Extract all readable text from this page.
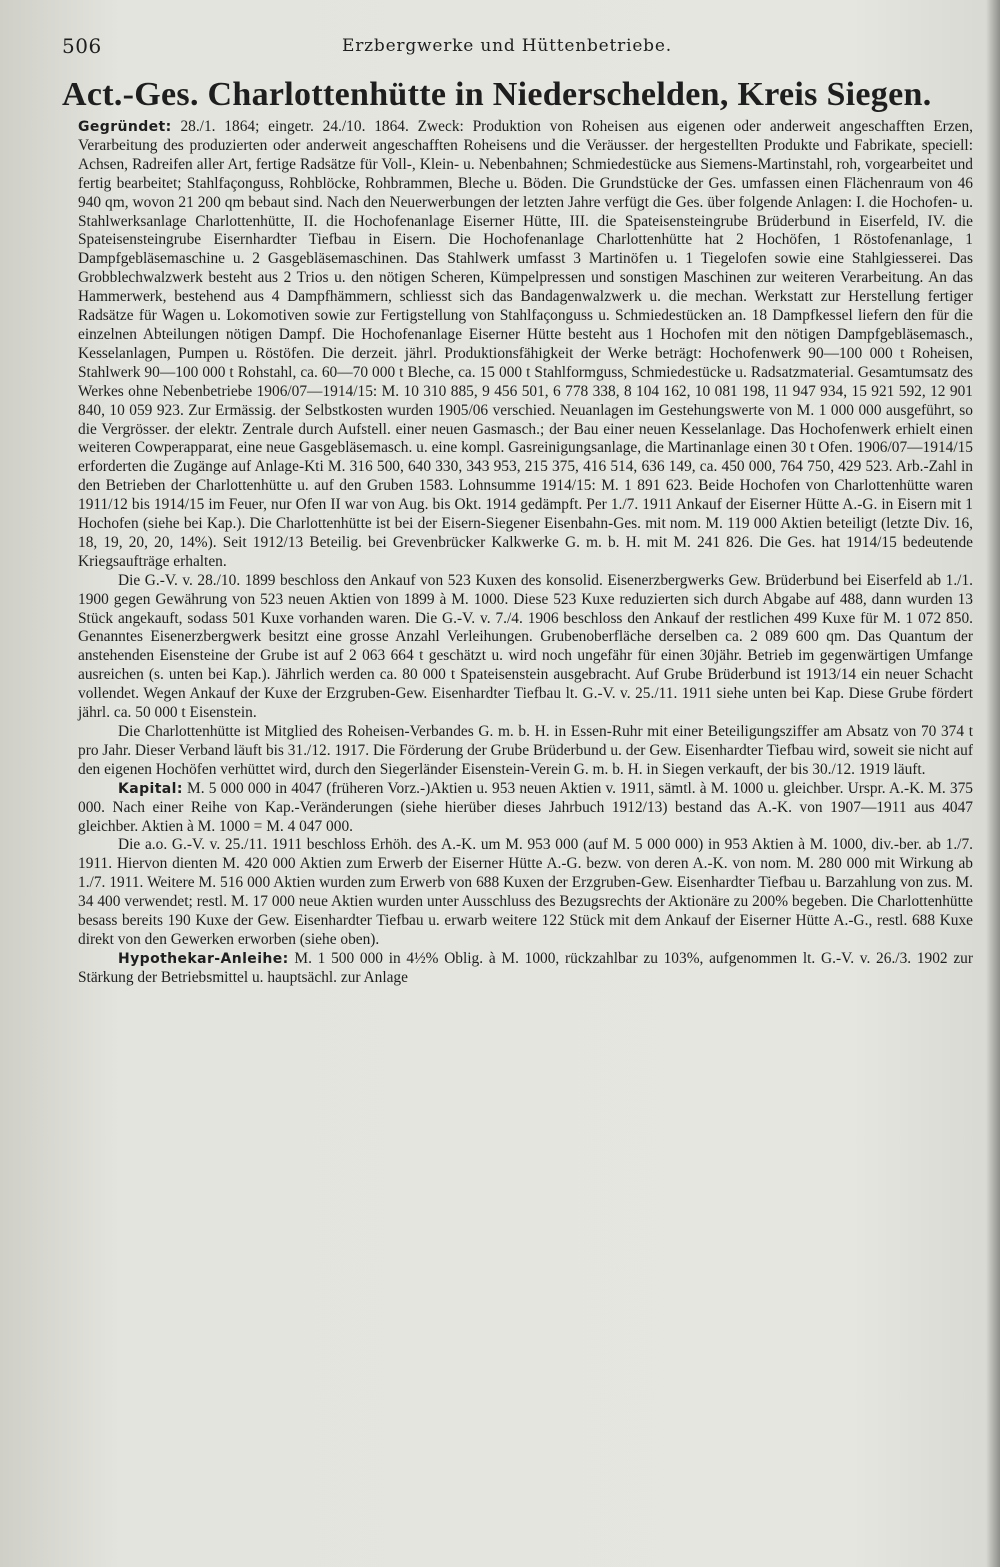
506	Erzbergwerke und Hüttenbetriebe.
Act.-Ges. Charlottenhütte in Niederschelden, Kreis Siegen.

Gegründet: 28./1. 1864; eingetr. 24./10. 1864. Zweck: Produktion von Roheisen aus eigenen oder anderweit angeschafften Erzen, Verarbeitung des produzierten oder anderweit angeschafften Roheisens und die Veräusser. der hergestellten Produkte und Fabrikate, speciell: Achsen, Radreifen aller Art, fertige Radsätze für Voll-, Klein- u. Nebenbahnen; Schmiedestücke aus Siemens-Martinstahl, roh, vorgearbeitet und fertig bearbeitet; Stahlfaçonguss, Rohblöcke, Rohbrammen, Bleche u. Böden. Die Grundstücke der Ges. umfassen einen Flächenraum von 46 940 qm, wovon 21 200 qm bebaut sind. Nach den Neuerwerbungen der letzten Jahre verfügt die Ges. über folgende Anlagen: I. die Hochofen- u. Stahlwerksanlage Charlottenhütte, II. die Hochofenanlage Eiserner Hütte, III. die Spateisensteingrube Brüderbund in Eiserfeld, IV. die Spateisensteingrube Eisernhardter Tiefbau in Eisern. Die Hochofenanlage Charlottenhütte hat 2 Hochöfen, 1 Röstofenanlage, 1 Dampfgebläsemaschine u. 2 Gasgebläsemaschinen. Das Stahlwerk umfasst 3 Martinöfen u. 1 Tiegelofen sowie eine Stahlgiesserei. Das Grobblechwalzwerk besteht aus 2 Trios u. den nötigen Scheren, Kümpelpressen und sonstigen Maschinen zur weiteren Verarbeitung. An das Hammerwerk, bestehend aus 4 Dampfhämmern, schliesst sich das Bandagenwalzwerk u. die mechan. Werkstatt zur Herstellung fertiger Radsätze für Wagen u. Lokomotiven sowie zur Fertigstellung von Stahlfaçonguss u. Schmiedestücken an. 18 Dampfkessel liefern den für die einzelnen Abteilungen nötigen Dampf. Die Hochofenanlage Eiserner Hütte besteht aus 1 Hochofen mit den nötigen Dampfgebläsemasch., Kesselanlagen, Pumpen u. Röstöfen. Die derzeit. jährl. Produktionsfähigkeit der Werke beträgt: Hochofenwerk 90—100 000 t Roheisen, Stahlwerk 90—100 000 t Rohstahl, ca. 60—70 000 t Bleche, ca. 15 000 t Stahlformguss, Schmiedestücke u. Radsatzmaterial. Gesamtumsatz des Werkes ohne Nebenbetriebe 1906/07—1914/15: M. 10 310 885, 9 456 501, 6 778 338, 8 104 162, 10 081 198, 11 947 934, 15 921 592, 12 901 840, 10 059 923. Zur Ermässig. der Selbstkosten wurden 1905/06 verschied. Neuanlagen im Gestehungswerte von M. 1 000 000 ausgeführt, so die Vergrösser. der elektr. Zentrale durch Aufstell. einer neuen Gasmasch.; der Bau einer neuen Kesselanlage. Das Hochofenwerk erhielt einen weiteren Cowperapparat, eine neue Gasgebläsemasch. u. eine kompl. Gasreinigungsanlage, die Martinanlage einen 30 t Ofen. 1906/07—1914/15 erforderten die Zugänge auf Anlage-Kti M. 316 500, 640 330, 343 953, 215 375, 416 514, 636 149, ca. 450 000, 764 750, 429 523. Arb.-Zahl in den Betrieben der Charlottenhütte u. auf den Gruben 1583. Lohnsumme 1914/15: M. 1 891 623. Beide Hochofen von Charlottenhütte waren 1911/12 bis 1914/15 im Feuer, nur Ofen II war von Aug. bis Okt. 1914 gedämpft. Per 1./7. 1911 Ankauf der Eiserner Hütte A.-G. in Eisern mit 1 Hochofen (siehe bei Kap.). Die Charlottenhütte ist bei der Eisern-Siegener Eisenbahn-Ges. mit nom. M. 119 000 Aktien beteiligt (letzte Div. 16, 18, 19, 20, 20, 14%). Seit 1912/13 Beteilig. bei Grevenbrücker Kalkwerke G. m. b. H. mit M. 241 826. Die Ges. hat 1914/15 bedeutende Kriegsaufträge erhalten.

Die G.-V. v. 28./10. 1899 beschloss den Ankauf von 523 Kuxen des konsolid. Eisenerzbergwerks Gew. Brüderbund bei Eiserfeld ab 1./1. 1900 gegen Gewährung von 523 neuen Aktien von 1899 à M. 1000. Diese 523 Kuxe reduzierten sich durch Abgabe auf 488, dann wurden 13 Stück angekauft, sodass 501 Kuxe vorhanden waren. Die G.-V. v. 7./4. 1906 beschloss den Ankauf der restlichen 499 Kuxe für M. 1 072 850. Genanntes Eisenerzbergwerk besitzt eine grosse Anzahl Verleihungen. Grubenoberfläche derselben ca. 2 089 600 qm. Das Quantum der anstehenden Eisensteine der Grube ist auf 2 063 664 t geschätzt u. wird noch ungefähr für einen 30jähr. Betrieb im gegenwärtigen Umfange ausreichen (s. unten bei Kap.). Jährlich werden ca. 80 000 t Spateisenstein ausgebracht. Auf Grube Brüderbund ist 1913/14 ein neuer Schacht vollendet. Wegen Ankauf der Kuxe der Erzgruben-Gew. Eisenhardter Tiefbau lt. G.-V. v. 25./11. 1911 siehe unten bei Kap. Diese Grube fördert jährl. ca. 50 000 t Eisenstein.

Die Charlottenhütte ist Mitglied des Roheisen-Verbandes G. m. b. H. in Essen-Ruhr mit einer Beteiligungsziffer am Absatz von 70 374 t pro Jahr. Dieser Verband läuft bis 31./12. 1917. Die Förderung der Grube Brüderbund u. der Gew. Eisenhardter Tiefbau wird, soweit sie nicht auf den eigenen Hochöfen verhüttet wird, durch den Siegerländer Eisenstein-Verein G. m. b. H. in Siegen verkauft, der bis 30./12. 1919 läuft.

Kapital: M. 5 000 000 in 4047 (früheren Vorz.-)Aktien u. 953 neuen Aktien v. 1911, sämtl. à M. 1000 u. gleichber. Urspr. A.-K. M. 375 000. Nach einer Reihe von Kap.-Veränderungen (siehe hierüber dieses Jahrbuch 1912/13) bestand das A.-K. von 1907—1911 aus 4047 gleichber. Aktien à M. 1000 = M. 4 047 000.

Die a.o. G.-V. v. 25./11. 1911 beschloss Erhöh. des A.-K. um M. 953 000 (auf M. 5 000 000) in 953 Aktien à M. 1000, div.-ber. ab 1./7. 1911. Hiervon dienten M. 420 000 Aktien zum Erwerb der Eiserner Hütte A.-G. bezw. von deren A.-K. von nom. M. 280 000 mit Wirkung ab 1./7. 1911. Weitere M. 516 000 Aktien wurden zum Erwerb von 688 Kuxen der Erzgruben-Gew. Eisenhardter Tiefbau u. Barzahlung von zus. M. 34 400 verwendet; restl. M. 17 000 neue Aktien wurden unter Ausschluss des Bezugsrechts der Aktionäre zu 200% begeben. Die Charlottenhütte besass bereits 190 Kuxe der Gew. Eisenhardter Tiefbau u. erwarb weitere 122 Stück mit dem Ankauf der Eiserner Hütte A.-G., restl. 688 Kuxe direkt von den Gewerken erworben (siehe oben).

Hypothekar-Anleihe: M. 1 500 000 in 4½% Oblig. à M. 1000, rückzahlbar zu 103%, aufgenommen lt. G.-V. v. 26./3. 1902 zur Stärkung der Betriebsmittel u. hauptsächl. zur Anlage
